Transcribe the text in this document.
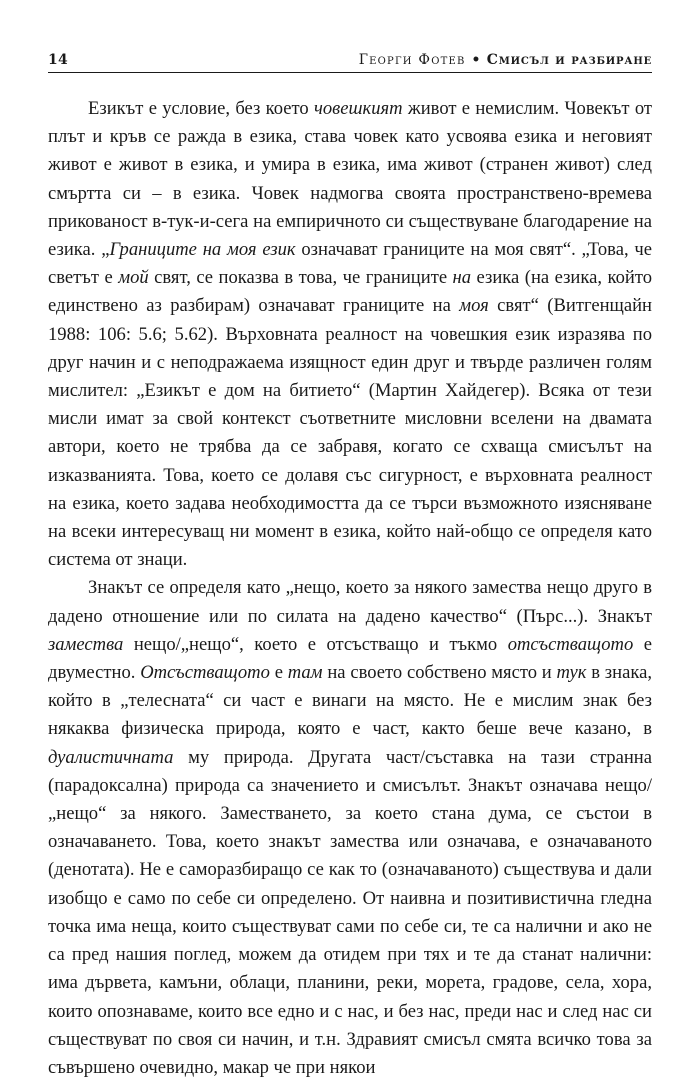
14	Георги Фотев • Смисъл и разбиране

Езикът е условие, без което човешкият живот е немислим. Човекът от плът и кръв се ражда в езика, става човек като усвоява езика и неговият живот е живот в езика, и умира в езика, има живот (странен живот) след смъртта си – в езика. Човек надмогва своята пространствено-времева прикованост в-тук-и-сега на емпиричното си съществуване благодарение на езика. „Границите на моя език означават границите на моя свят“. „Това, че светът е мой свят, се показва в това, че границите на езика (на езика, който единствено аз разбирам) означават границите на моя свят“ (Витгенщайн 1988: 106: 5.6; 5.62). Върховната реалност на човешкия език изразява по друг начин и с неподражаема изящност един друг и твърде различен голям мислител: „Езикът е дом на битието“ (Мартин Хайдегер). Всяка от тези мисли имат за свой контекст съответните мисловни вселени на двамата автори, което не трябва да се забравя, когато се схваща смисълът на изказванията. Това, което се долавя със сигурност, е върховната реалност на езика, което задава необходимостта да се търси възможното изясняване на всеки интересуващ ни момент в езика, който най-общо се определя като система от знаци.

Знакът се определя като „нещо, което за някого замества нещо друго в дадено отношение или по силата на дадено качество“ (Пърс...). Знакът замества нещо/„нещо“, което е отсъстващо и тъкмо отсъстващото е двуместно. Отсъстващото е там на своето собствено място и тук в знака, който в „телесната“ си част е винаги на място. Не е мислим знак без някаква физическа природа, която е част, както беше вече казано, в дуалистичната му природа. Другата част/съставка на тази странна (парадоксална) природа са значението и смисълът. Знакът означава нещо/„нещо“ за някого. Заместването, за което стана дума, се състои в означаването. Това, което знакът замества или означава, е означаваното (денотата). Не е саморазбиращо се как то (означаваното) съществува и дали изобщо е само по себе си определено. От наивна и позитивистична гледна точка има неща, които съществуват сами по себе си, те са налични и ако не са пред нашия поглед, можем да отидем при тях и те да станат налични: има дървета, камъни, облаци, планини, реки, морета, градове, села, хора, които опознаваме, които все едно и с нас, и без нас, преди нас и след нас си съществуват по своя си начин, и т.н. Здравият смисъл смята всичко това за съвършено очевидно, макар че при някои
